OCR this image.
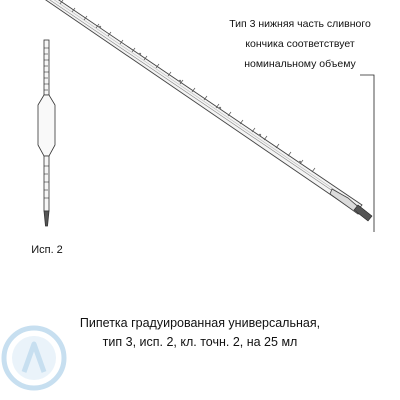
Тип 3 нижняя часть сливного
кончика соответствует
номинальному объему
Исп. 2
Пипетка градуированная универсальная,
тип 3, исп. 2, кл. точн. 2, на 25 мл
